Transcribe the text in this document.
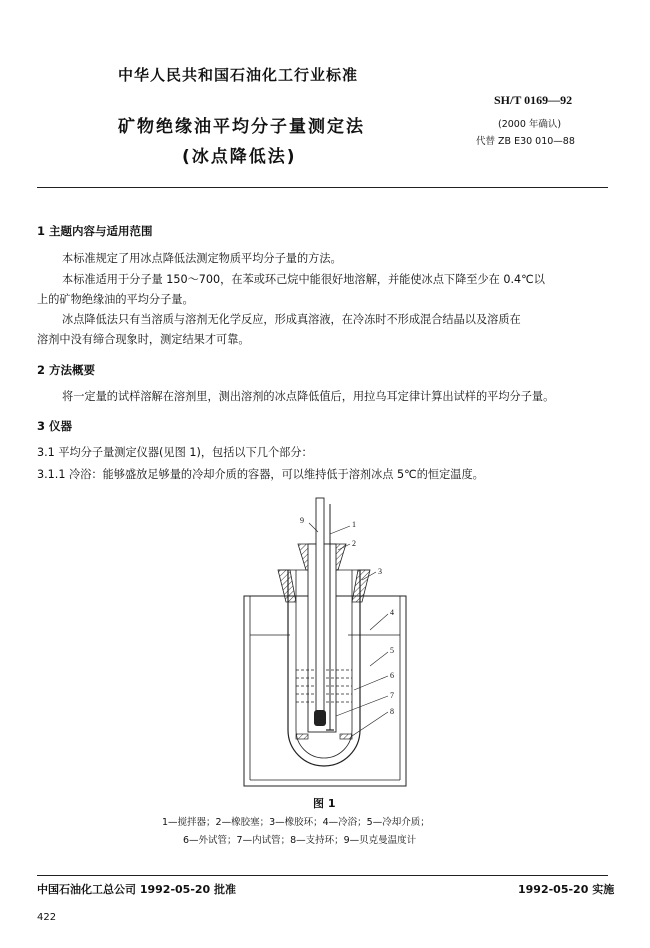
中华人民共和国石油化工行业标准
SH/T 0169—92
矿物绝缘油平均分子量测定法
(冰点降低法)
(2000 年确认)
代替 ZB E30 010—88
1 主题内容与适用范围
本标准规定了用冰点降低法测定物质平均分子量的方法。
本标准适用于分子量 150～700，在苯或环己烷中能很好地溶解，并能使冰点下降至少在 0.4℃以
上的矿物绝缘油的平均分子量。
冰点降低法只有当溶质与溶剂无化学反应，形成真溶液，在冷冻时不形成混合结晶以及溶质在
溶剂中没有缔合现象时，测定结果才可靠。
2 方法概要
将一定量的试样溶解在溶剂里，测出溶剂的冰点降低值后，用拉乌耳定律计算出试样的平均分子量。
3 仪器
3.1 平均分子量测定仪器(见图 1)，包括以下几个部分：
3.1.1 冷浴：能够盛放足够量的冷却介质的容器，可以维持低于溶剂冰点 5℃的恒定温度。
9	1
2
3
4
5
6
7
8
图 1
1—搅拌器；2—橡胶塞；3—橡胶环；4—冷浴；5—冷却介质；
6—外试管；7—内试管；8—支持环；9—贝克曼温度计
中国石油化工总公司 1992-05-20 批准	1992-05-20 实施
422
